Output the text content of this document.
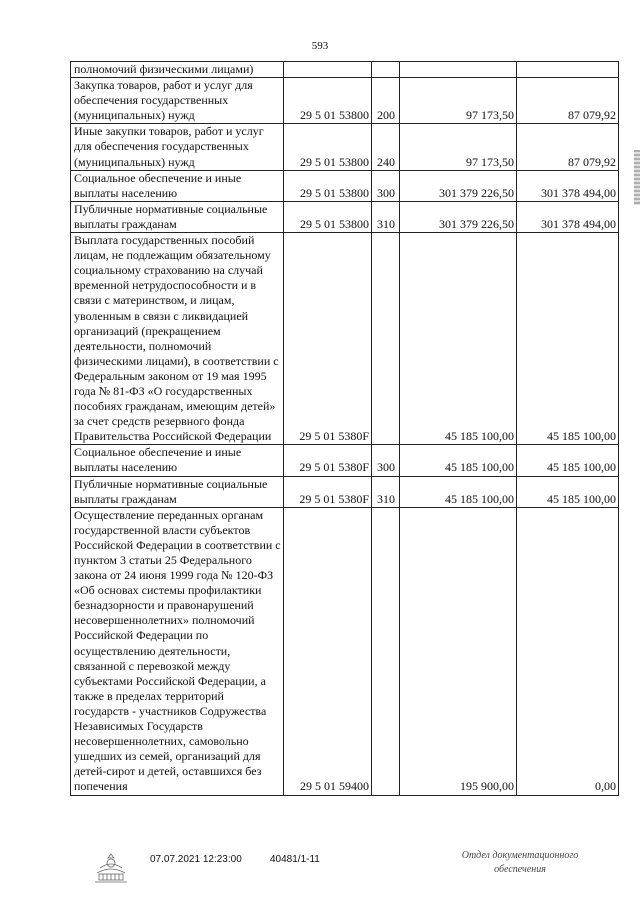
593
полномочий физическими лицами)				
Закупка товаров, работ и услуг для обеспечения государственных (муниципальных) нужд	29 5 01 53800	200	97 173,50	87 079,92
Иные закупки товаров, работ и услуг для обеспечения государственных (муниципальных) нужд	29 5 01 53800	240	97 173,50	87 079,92
Социальное обеспечение и иные выплаты населению	29 5 01 53800	300	301 379 226,50	301 378 494,00
Публичные нормативные социальные выплаты гражданам	29 5 01 53800	310	301 379 226,50	301 378 494,00
Выплата государственных пособий лицам, не подлежащим обязательному социальному страхованию на случай временной нетрудоспособности и в связи с материнством, и лицам, уволенным в связи с ликвидацией организаций (прекращением деятельности, полномочий физическими лицами), в соответствии с Федеральным законом от 19 мая 1995 года № 81-ФЗ «О государственных пособиях гражданам, имеющим детей» за счет средств резервного фонда Правительства Российской Федерации	29 5 01 5380F		45 185 100,00	45 185 100,00
Социальное обеспечение и иные выплаты населению	29 5 01 5380F	300	45 185 100,00	45 185 100,00
Публичные нормативные социальные выплаты гражданам	29 5 01 5380F	310	45 185 100,00	45 185 100,00
Осуществление переданных органам государственной власти субъектов Российской Федерации в соответствии с пунктом 3 статьи 25 Федерального закона от 24 июня 1999 года № 120-ФЗ «Об основах системы профилактики безнадзорности и правонарушений несовершеннолетних» полномочий Российской Федерации по осуществлению деятельности, связанной с перевозкой между субъектами Российской Федерации, а также в пределах территорий государств - участников Содружества Независимых Государств несовершеннолетних, самовольно ушедших из семей, организаций для детей-сирот и детей, оставшихся без попечения	29 5 01 59400		195 900,00	0,00
07.07.2021 12:23:00	40481/1-11	Отдел документационного
обеспечения
